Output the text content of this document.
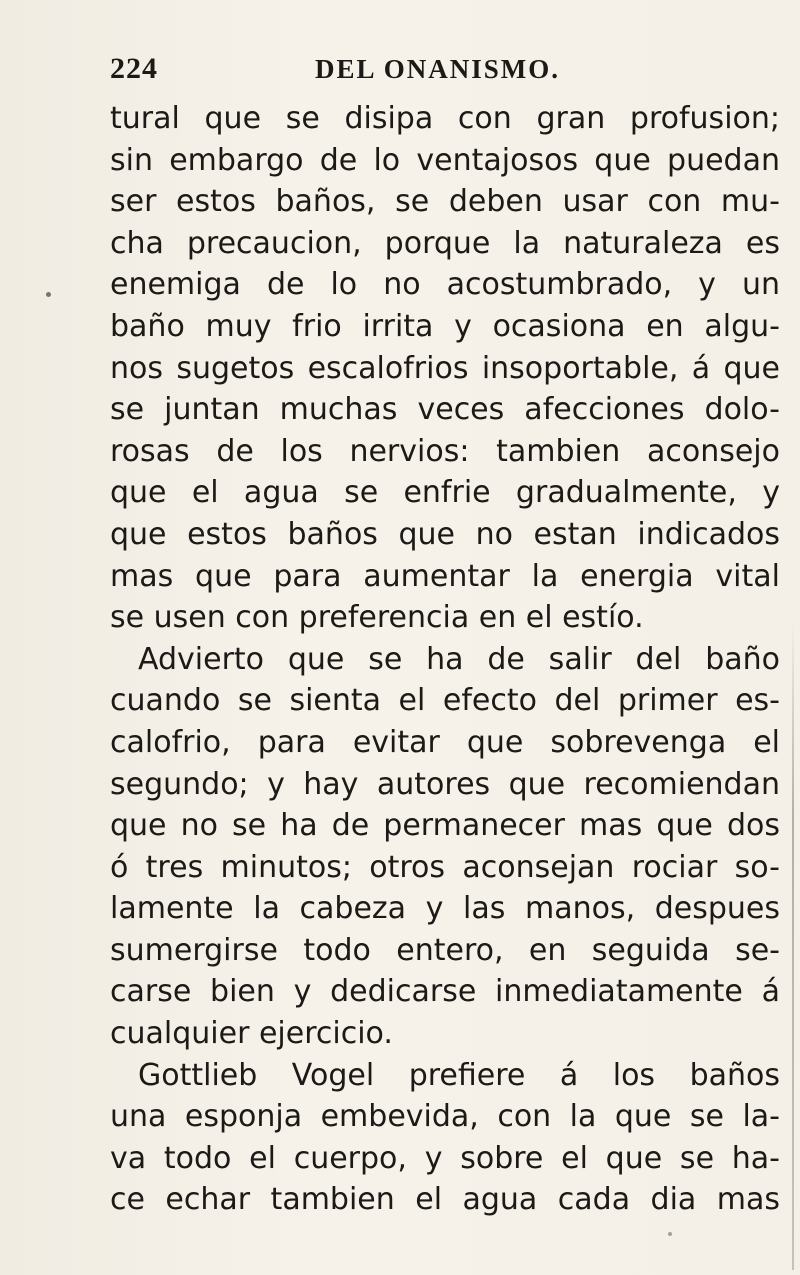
224	DEL ONANISMO.
tural que se disipa con gran profusion;
sin embargo de lo ventajosos que puedan
ser estos baños, se deben usar con mu-
cha precaucion, porque la naturaleza es
enemiga de lo no acostumbrado, y un
baño muy frio irrita y ocasiona en algu-
nos sugetos escalofrios insoportable, á que
se juntan muchas veces afecciones dolo-
rosas de los nervios: tambien aconsejo
que el agua se enfrie gradualmente, y
que estos baños que no estan indicados
mas que para aumentar la energia vital
se usen con preferencia en el estío.
Advierto que se ha de salir del baño
cuando se sienta el efecto del primer es-
calofrio, para evitar que sobrevenga el
segundo; y hay autores que recomiendan
que no se ha de permanecer mas que dos
ó tres minutos; otros aconsejan rociar so-
lamente la cabeza y las manos, despues
sumergirse todo entero, en seguida se-
carse bien y dedicarse inmediatamente á
cualquier ejercicio.
Gottlieb Vogel prefiere á los baños
una esponja embevida, con la que se la-
va todo el cuerpo, y sobre el que se ha-
ce echar tambien el agua cada dia mas
